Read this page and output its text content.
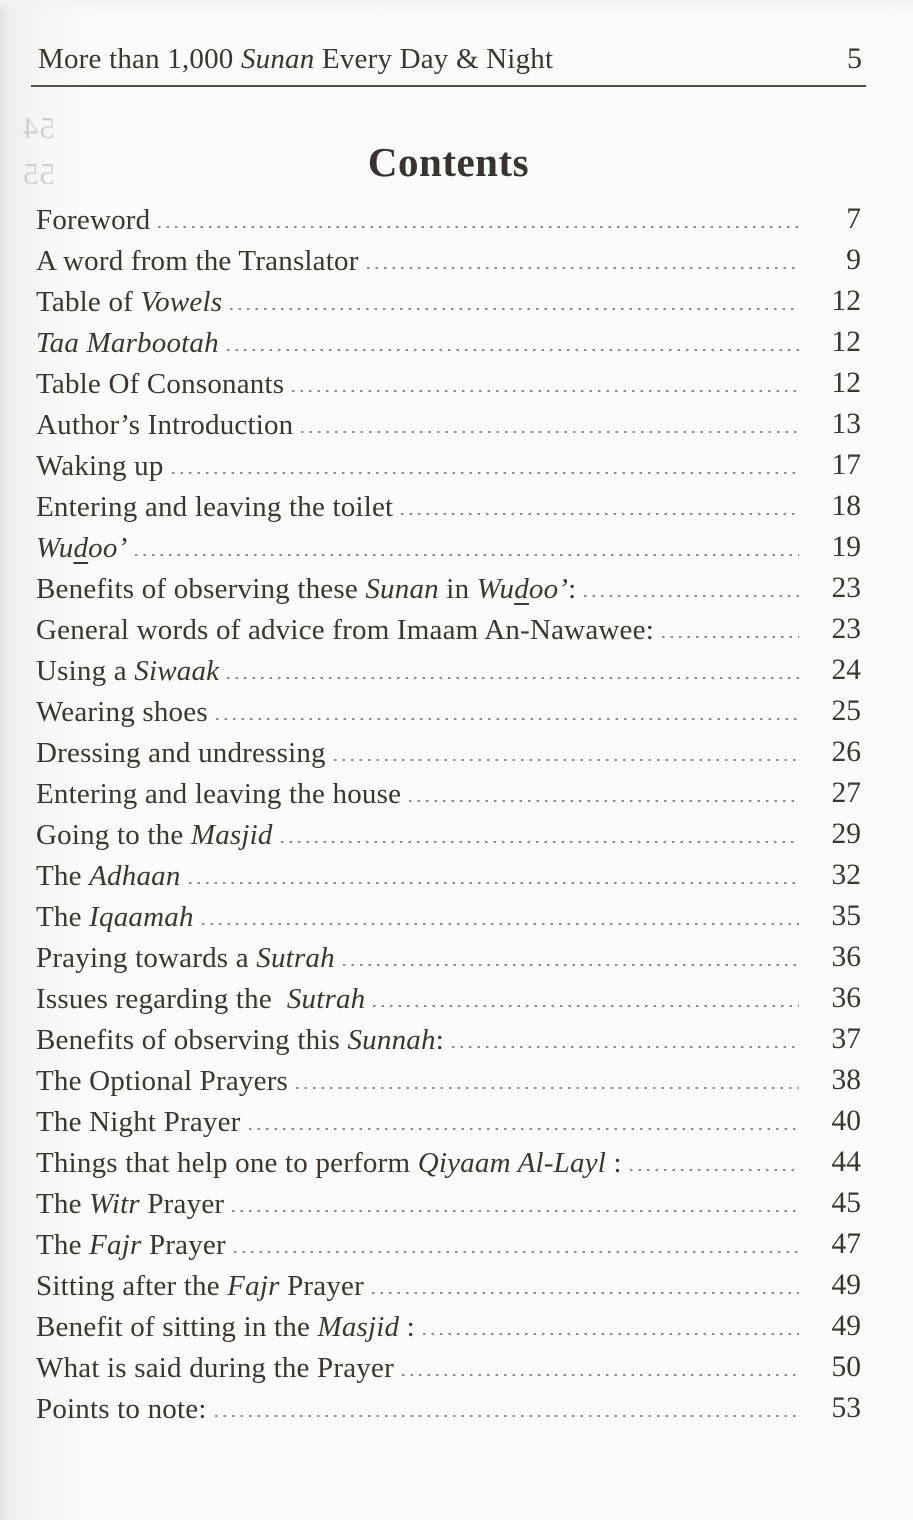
54
55
More than 1,000 Sunan Every Day & Night	5
Contents
Foreword	7
A word from the Translator	9
Table of Vowels	12
Taa Marbootah	12
Table Of Consonants	12
Author’s Introduction	13
Waking up	17
Entering and leaving the toilet	18
Wudoo’	19
Benefits of observing these Sunan in Wudoo’:	23
General words of advice from Imaam An-Nawawee:	23
Using a Siwaak	24
Wearing shoes	25
Dressing and undressing	26
Entering and leaving the house	27
Going to the Masjid	29
The Adhaan	32
The Iqaamah	35
Praying towards a Sutrah	36
Issues regarding the  Sutrah	36
Benefits of observing this Sunnah:	37
The Optional Prayers	38
The Night Prayer	40
Things that help one to perform Qiyaam Al-Layl :	44
The Witr Prayer	45
The Fajr Prayer	47
Sitting after the Fajr Prayer	49
Benefit of sitting in the Masjid :	49
What is said during the Prayer	50
Points to note:	53
